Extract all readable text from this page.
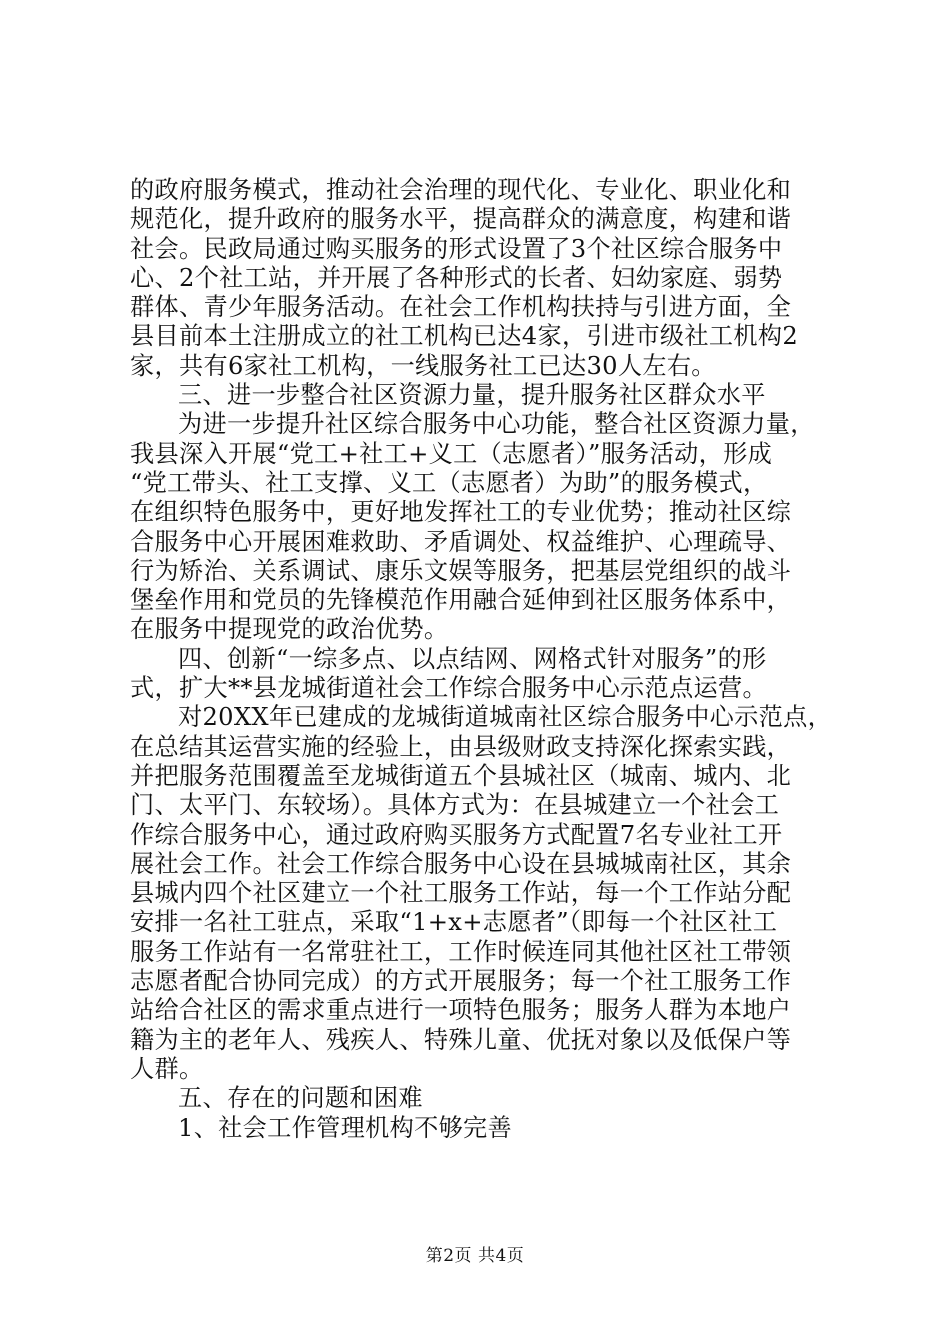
的政府服务模式，推动社会治理的现代化、专业化、职业化和
规范化，提升政府的服务水平，提高群众的满意度，构建和谐
社会。民政局通过购买服务的形式设置了3个社区综合服务中
心、2个社工站，并开展了各种形式的长者、妇幼家庭、弱势
群体、青少年服务活动。在社会工作机构扶持与引进方面，全
县目前本土注册成立的社工机构已达4家，引进市级社工机构2
家，共有6家社工机构，一线服务社工已达30人左右。
三、进一步整合社区资源力量，提升服务社区群众水平
为进一步提升社区综合服务中心功能，整合社区资源力量，
我县深入开展“党工+社工+义工（志愿者）”服务活动，形成
“党工带头、社工支撑、义工（志愿者）为助”的服务模式，
在组织特色服务中，更好地发挥社工的专业优势；推动社区综
合服务中心开展困难救助、矛盾调处、权益维护、心理疏导、
行为矫治、关系调试、康乐文娱等服务，把基层党组织的战斗
堡垒作用和党员的先锋模范作用融合延伸到社区服务体系中，
在服务中提现党的政治优势。
四、创新“一综多点、以点结网、网格式针对服务”的形
式，扩大**县龙城街道社会工作综合服务中心示范点运营。
对20XX年已建成的龙城街道城南社区综合服务中心示范点，
在总结其运营实施的经验上，由县级财政支持深化探索实践，
并把服务范围覆盖至龙城街道五个县城社区（城南、城内、北
门、太平门、东较场）。具体方式为：在县城建立一个社会工
作综合服务中心，通过政府购买服务方式配置7名专业社工开
展社会工作。社会工作综合服务中心设在县城城南社区，其余
县城内四个社区建立一个社工服务工作站，每一个工作站分配
安排一名社工驻点，采取“1+x+志愿者”（即每一个社区社工
服务工作站有一名常驻社工，工作时候连同其他社区社工带领
志愿者配合协同完成）的方式开展服务；每一个社工服务工作
站给合社区的需求重点进行一项特色服务；服务人群为本地户
籍为主的老年人、残疾人、特殊儿童、优抚对象以及低保户等
人群。
五、存在的问题和困难
1、社会工作管理机构不够完善
第2页 共4页
